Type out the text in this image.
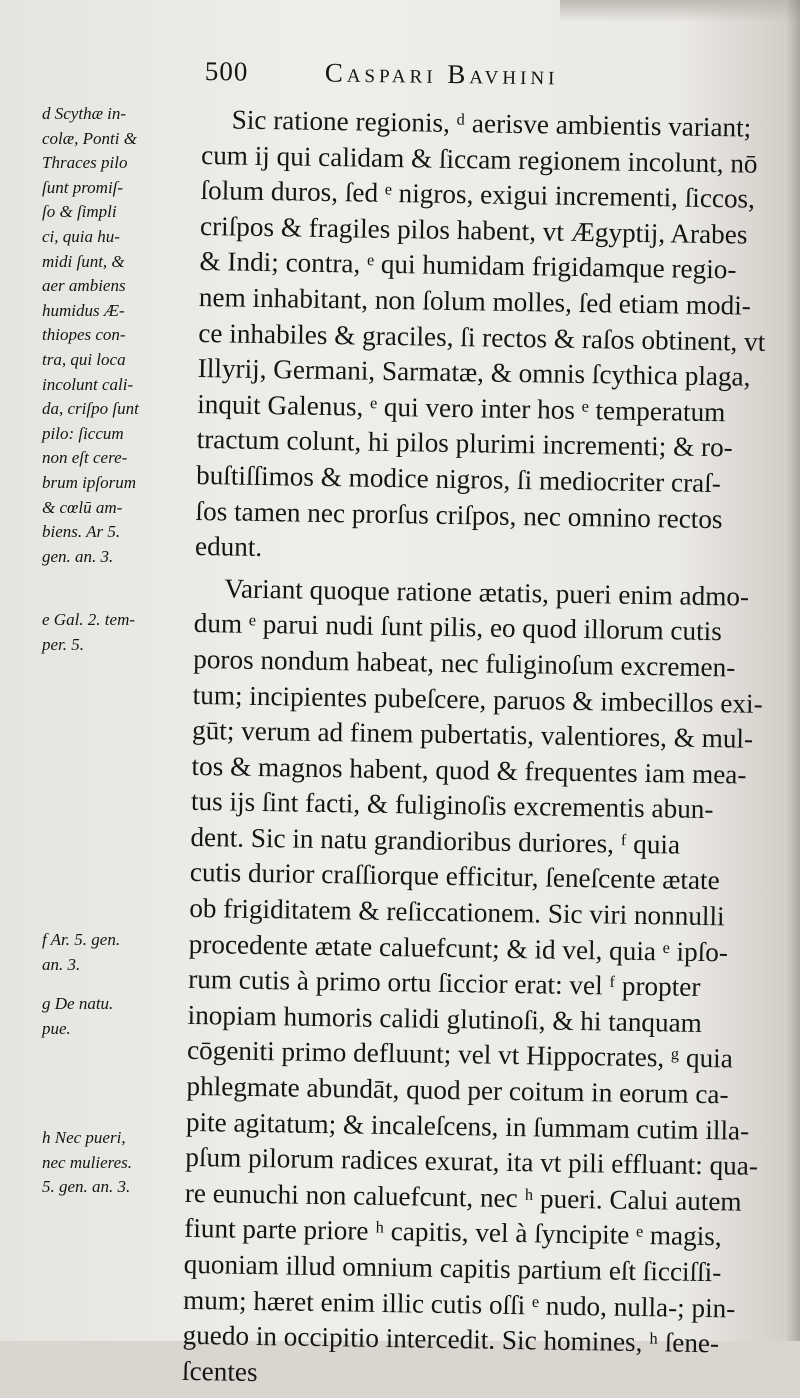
500	Caspari Bavhini
d Scythæ in-
colæ, Ponti &
Thraces pilo
ſunt promiſ-
ſo & ſimpli
ci, quia hu-
midi ſunt, &
aer ambiens
humidus Æ-
thiopes con-
tra, qui loca
incolunt cali-
da, criſpo ſunt
pilo: ſiccum
non eſt cere-
brum ipſorum
& cœlū am-
biens. Ar 5.
gen. an. 3.
e Gal. 2. tem-
per. 5.
f Ar. 5. gen.
an. 3.
g De natu.
pue.
h Nec pueri,
nec mulieres.
5. gen. an. 3.
Sic ratione regionis, ᵈ aerisve ambientis variant;
cum ij qui calidam & ſiccam regionem incolunt, nō
ſolum duros, ſed ᵉ nigros, exigui incrementi, ſiccos,
criſpos & fragiles pilos habent, vt Ægyptij, Arabes
& Indi; contra, ᵉ qui humidam frigidamque regio-
nem inhabitant, non ſolum molles, ſed etiam modi-
ce inhabiles & graciles, ſi rectos & raſos obtinent, vt
Illyrij, Germani, Sarmatæ, & omnis ſcythica plaga,
inquit Galenus, ᵉ qui vero inter hos ᵉ temperatum
tractum colunt, hi pilos plurimi incrementi; & ro-
buſtiſſimos & modice nigros, ſi mediocriter craſ-
ſos tamen nec prorſus criſpos, nec omnino rectos
edunt.
Variant quoque ratione ætatis, pueri enim admo-
dum ᵉ parui nudi ſunt pilis, eo quod illorum cutis
poros nondum habeat, nec fuliginoſum excremen-
tum; incipientes pubeſcere, paruos & imbecillos exi-
gūt; verum ad finem pubertatis, valentiores, & mul-
tos & magnos habent, quod & frequentes iam mea-
tus ijs ſint facti, & fuliginoſis excrementis abun-
dent. Sic in natu grandioribus duriores, ᶠ quia
cutis durior craſſiorque efficitur, ſeneſcente ætate
ob frigiditatem & reſiccationem. Sic viri nonnulli
procedente ætate caluefcunt; & id vel, quia ᵉ ipſo-
rum cutis à primo ortu ſiccior erat: vel ᶠ propter
inopiam humoris calidi glutinoſi, & hi tanquam
cōgeniti primo defluunt; vel vt Hippocrates, ᵍ quia
phlegmate abundāt, quod per coitum in eorum ca-
pite agitatum; & incaleſcens, in ſummam cutim illa-
pſum pilorum radices exurat, ita vt pili effluant: qua-
re eunuchi non caluefcunt, nec ʰ pueri. Calui autem
fiunt parte priore ʰ capitis, vel à ſyncipite ᵉ magis,
quoniam illud omnium capitis partium eſt ſicciſſi-
mum; hæret enim illic cutis oſſi ᵉ nudo, nulla-; pin-
guedo in occipitio intercedit. Sic homines, ʰ ſene-
ſcentes
